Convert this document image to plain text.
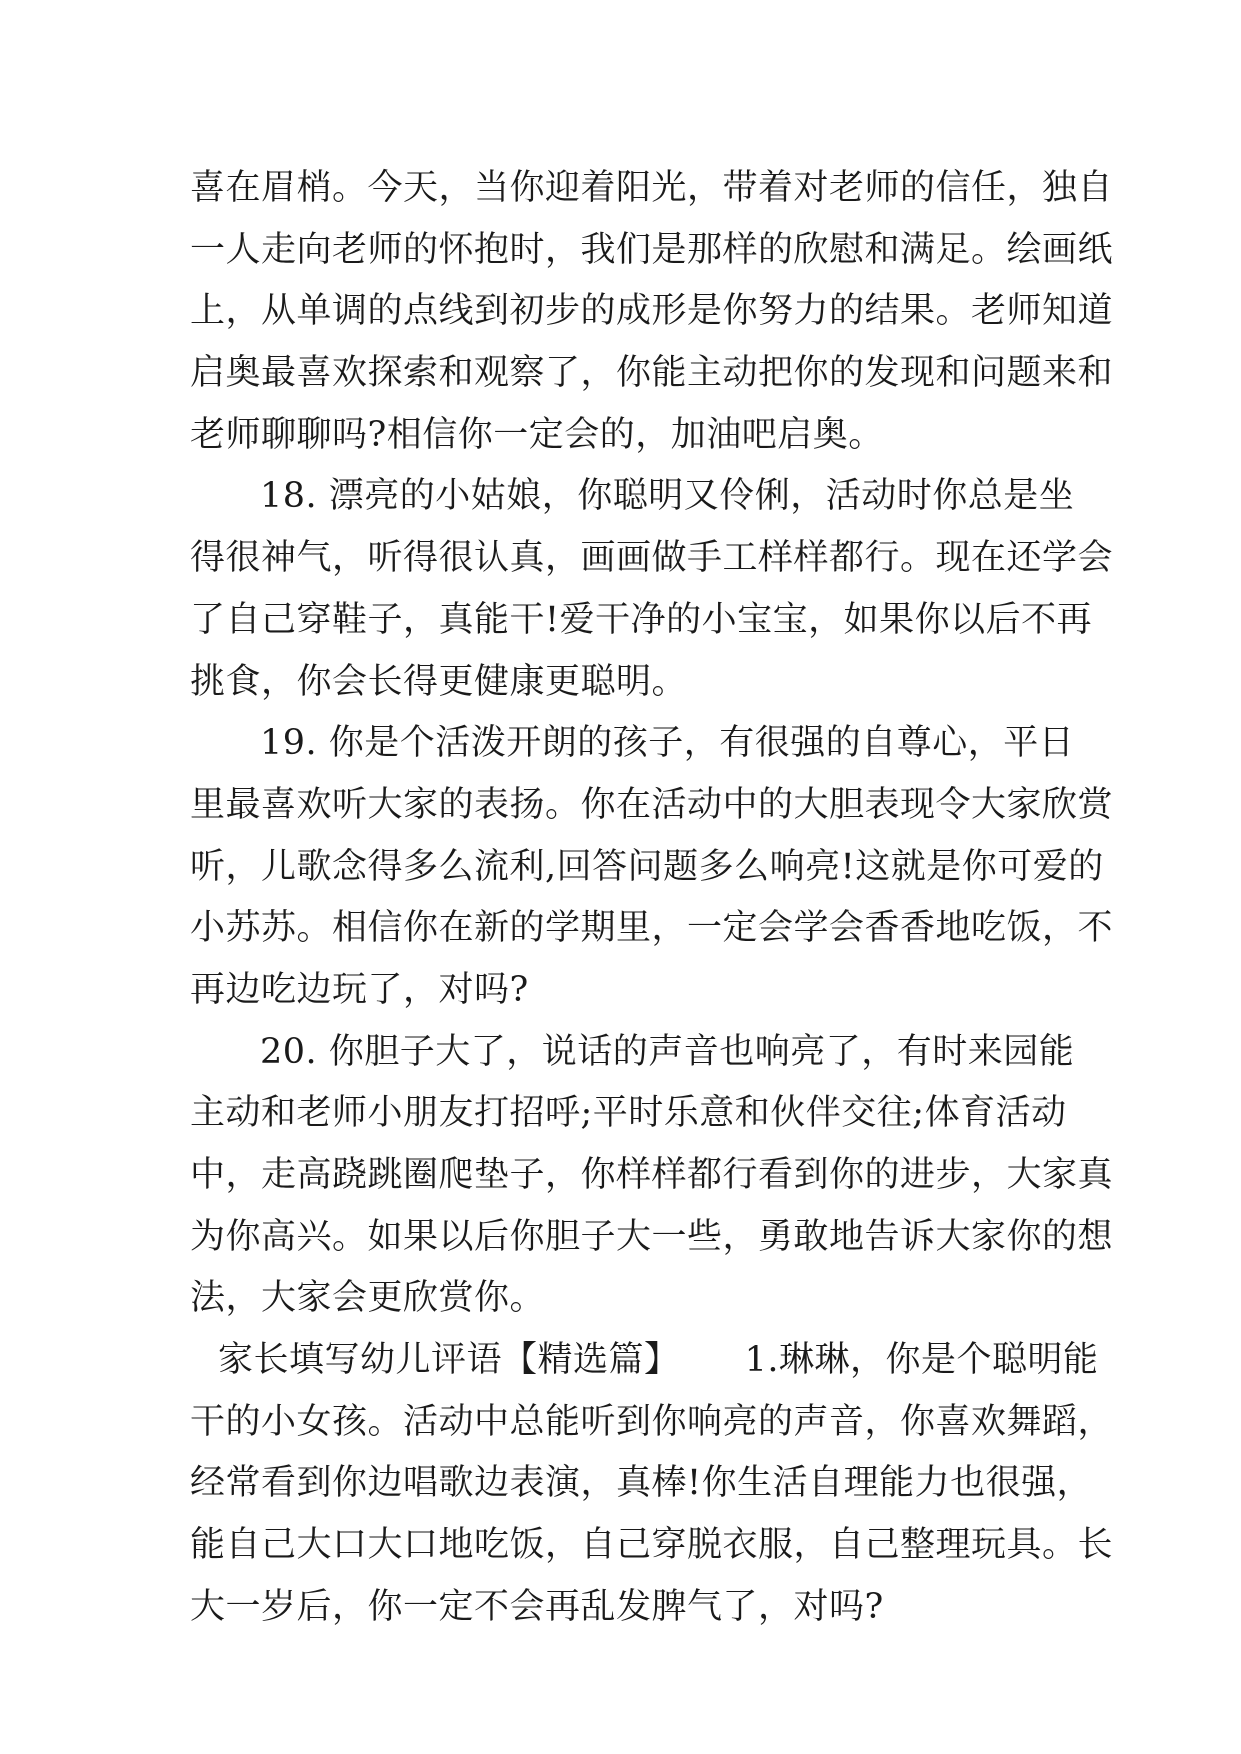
喜在眉梢。今天，当你迎着阳光，带着对老师的信任，独自
一人走向老师的怀抱时，我们是那样的欣慰和满足。绘画纸
上，从单调的点线到初步的成形是你努力的结果。老师知道
启奥最喜欢探索和观察了，你能主动把你的发现和问题来和
老师聊聊吗?相信你一定会的，加油吧启奥。
18. 漂亮的小姑娘，你聪明又伶俐，活动时你总是坐
得很神气，听得很认真，画画做手工样样都行。现在还学会
了自己穿鞋子，真能干!爱干净的小宝宝，如果你以后不再
挑食，你会长得更健康更聪明。
19. 你是个活泼开朗的孩子，有很强的自尊心，平日
里最喜欢听大家的表扬。你在活动中的大胆表现令大家欣赏
听，儿歌念得多么流利,回答问题多么响亮!这就是你可爱的
小苏苏。相信你在新的学期里，一定会学会香香地吃饭，不
再边吃边玩了，对吗?
20. 你胆子大了，说话的声音也响亮了，有时来园能
主动和老师小朋友打招呼;平时乐意和伙伴交往;体育活动
中，走高跷跳圈爬垫子，你样样都行看到你的进步，大家真
为你高兴。如果以后你胆子大一些，勇敢地告诉大家你的想
法，大家会更欣赏你。
家长填写幼儿评语【精选篇】　　 1.琳琳，你是个聪明能
干的小女孩。活动中总能听到你响亮的声音，你喜欢舞蹈，
经常看到你边唱歌边表演，真棒!你生活自理能力也很强，
能自己大口大口地吃饭，自己穿脱衣服，自己整理玩具。长
大一岁后，你一定不会再乱发脾气了，对吗?
